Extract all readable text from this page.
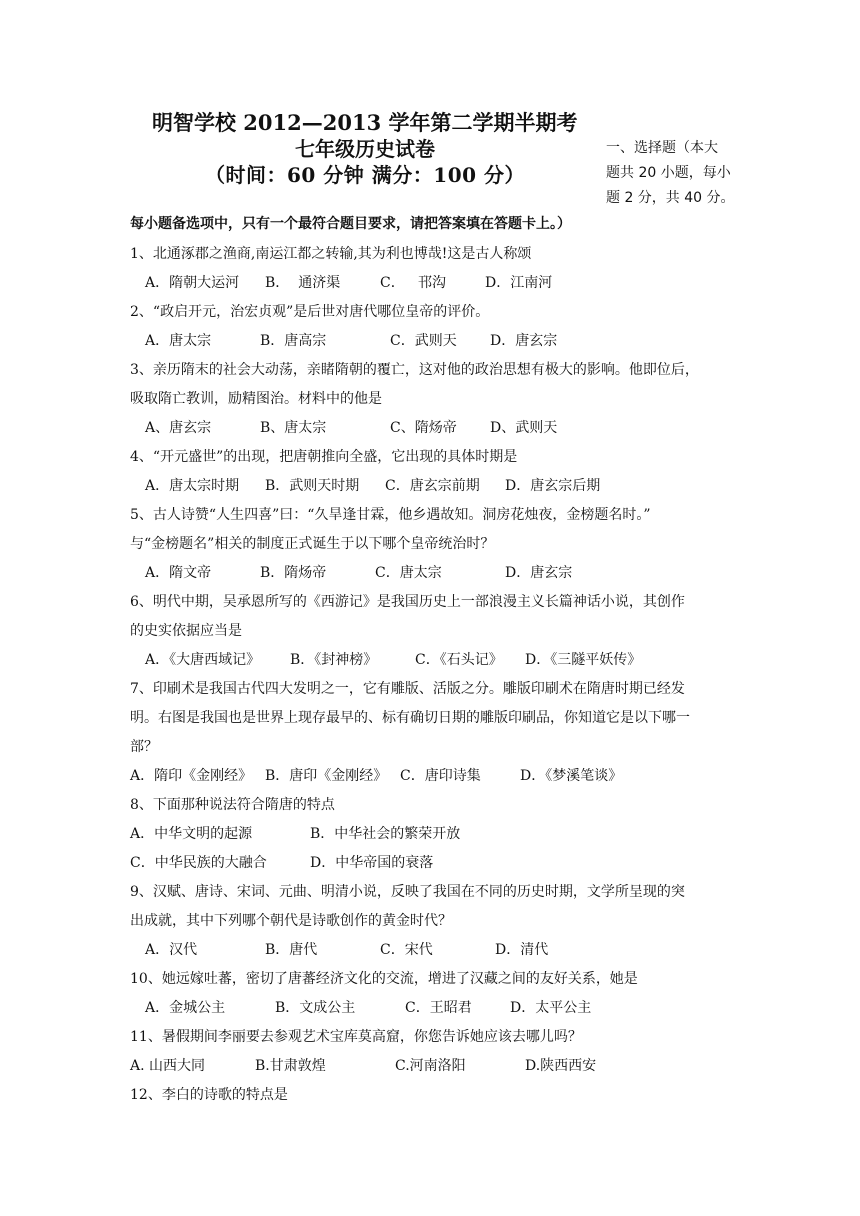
明智学校 2012—2013 学年第二学期半期考
七年级历史试卷
（时间：60 分钟 满分：100 分）
一、选择题（本大
题共 20 小题，每小
题 2 分，共 40 分。
每小题备选项中，只有一个最符合题目要求，请把答案填在答题卡上。）
1、北通涿郡之渔商,南运江都之转输,其为利也博哉!这是古人称颂
A．隋朝大运河 B．  通济渠	C．   邗沟	D．江南河
2、“政启开元，治宏贞观”是后世对唐代哪位皇帝的评价。
A．唐太宗	B．唐高宗	C．武则天 D．唐玄宗
3、亲历隋末的社会大动荡，亲睹隋朝的覆亡，这对他的政治思想有极大的影响。他即位后，
吸取隋亡教训，励精图治。材料中的他是
A、唐玄宗	B、唐太宗	C、隋炀帝 D、武则天
4、“开元盛世”的出现，把唐朝推向全盛，它出现的具体时期是
A．唐太宗时期 B．武则天时期 C．唐玄宗前期 D．唐玄宗后期
5、古人诗赞“人生四喜”曰：“久旱逢甘霖，他乡遇故知。洞房花烛夜，金榜题名时。”
与“金榜题名”相关的制度正式诞生于以下哪个皇帝统治时？
A．隋文帝	B．隋炀帝	C．唐太宗	D．唐玄宗
6、明代中期，吴承恩所写的《西游记》是我国历史上一部浪漫主义长篇神话小说，其创作
的史实依据应当是
A．《大唐西域记》 B．《封神榜》	C．《石头记》 D．《三隧平妖传》
7、印刷术是我国古代四大发明之一，它有雕版、活版之分。雕版印刷术在隋唐时期已经发
明。右图是我国也是世界上现存最早的、标有确切日期的雕版印刷品，你知道它是以下哪一
部？
A．隋印《金刚经》 B．唐印《金刚经》 C．唐印诗集	D．《梦溪笔谈》
8、下面那种说法符合隋唐的特点
A．中华文明的起源	B．中华社会的繁荣开放
C．中华民族的大融合	D．中华帝国的衰落
9、汉赋、唐诗、宋词、元曲、明清小说，反映了我国在不同的历史时期，文学所呈现的突
出成就，其中下列哪个朝代是诗歌创作的黄金时代？
A．汉代	B．唐代	C．宋代	D．清代
10、她远嫁吐蕃，密切了唐蕃经济文化的交流，增进了汉藏之间的友好关系，她是
A．金城公主	B．文成公主	C．王昭君	D．太平公主
11、暑假期间李丽要去参观艺术宝库莫高窟，你您告诉她应该去哪儿吗？
A. 山西大同	B.甘肃敦煌	C.河南洛阳	D.陕西西安
12、李白的诗歌的特点是
